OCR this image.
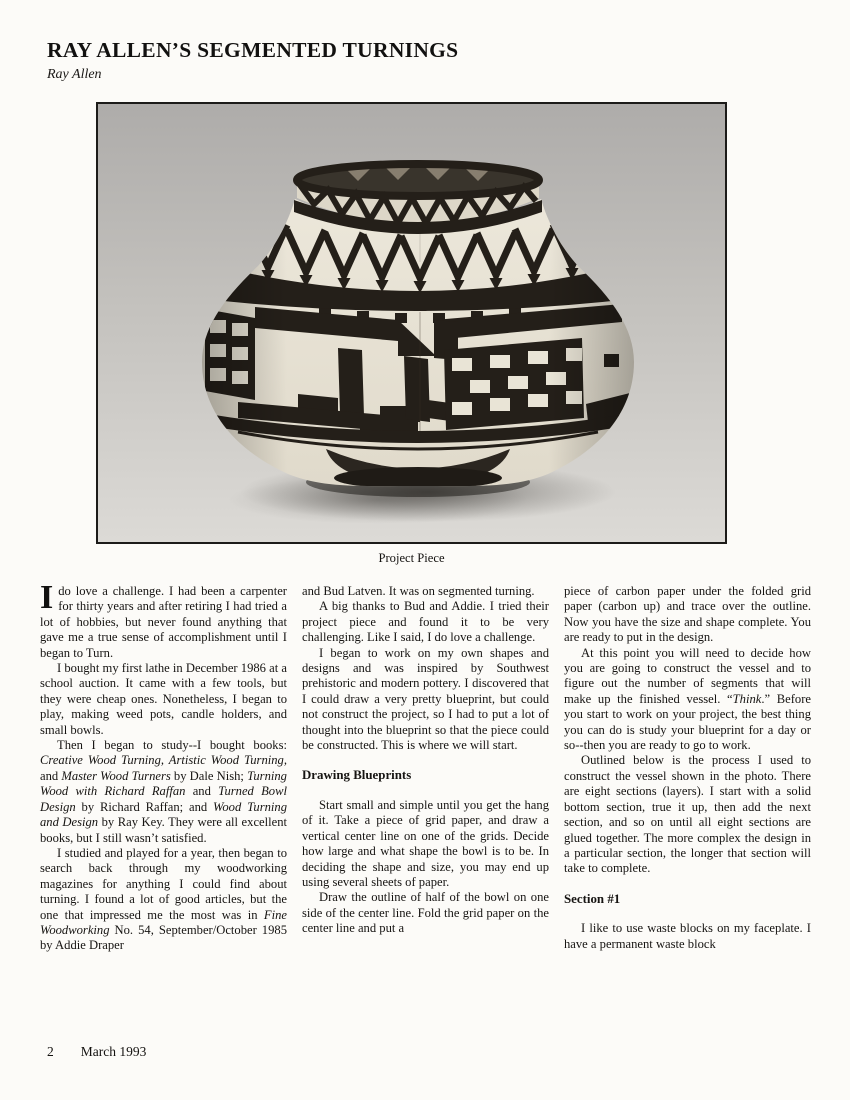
RAY ALLEN’S SEGMENTED TURNINGS
Ray Allen
Project Piece

Ido love a challenge. I had been a carpenter for thirty years and after retiring I had tried a lot of hobbies, but never found anything that gave me a true sense of accomplishment until I began to Turn.

I bought my first lathe in December 1986 at a school auction. It came with a few tools, but they were cheap ones. Nonetheless, I began to play, making weed pots, candle holders, and small bowls.

Then I began to study--I bought books: Creative Wood Turning, Artistic Wood Turning, and Master Wood Turners by Dale Nish; Turning Wood with Richard Raffan and Turned Bowl Design by Richard Raffan; and Wood Turning and Design by Ray Key. They were all excellent books, but I still wasn’t satisfied.

I studied and played for a year, then began to search back through my woodworking magazines for anything I could find about turning. I found a lot of good articles, but the one that impressed me the most was in Fine Woodworking No. 54, September/October 1985 by Addie Draper

and Bud Latven. It was on segmented turning.

A big thanks to Bud and Addie. I tried their project piece and found it to be very challenging. Like I said, I do love a challenge.

I began to work on my own shapes and designs and was inspired by Southwest prehistoric and modern pottery. I discovered that I could draw a very pretty blueprint, but could not construct the project, so I had to put a lot of thought into the blueprint so that the piece could be constructed. This is where we will start.

Drawing Blueprints

Start small and simple until you get the hang of it. Take a piece of grid paper, and draw a vertical center line on one of the grids. Decide how large and what shape the bowl is to be. In deciding the shape and size, you may end up using several sheets of paper.

Draw the outline of half of the bowl on one side of the center line. Fold the grid paper on the center line and put a

piece of carbon paper under the folded grid paper (carbon up) and trace over the outline. Now you have the size and shape complete. You are ready to put in the design.

At this point you will need to decide how you are going to construct the vessel and to figure out the number of segments that will make up the finished vessel. “Think.” Before you start to work on your project, the best thing you can do is study your blueprint for a day or so--then you are ready to go to work.

Outlined below is the process I used to construct the vessel shown in the photo. There are eight sections (layers). I start with a solid bottom section, true it up, then add the next section, and so on until all eight sections are glued together. The more complex the design in a particular section, the longer that section will take to complete.

Section #1

I like to use waste blocks on my faceplate. I have a permanent waste block

2 March 1993
